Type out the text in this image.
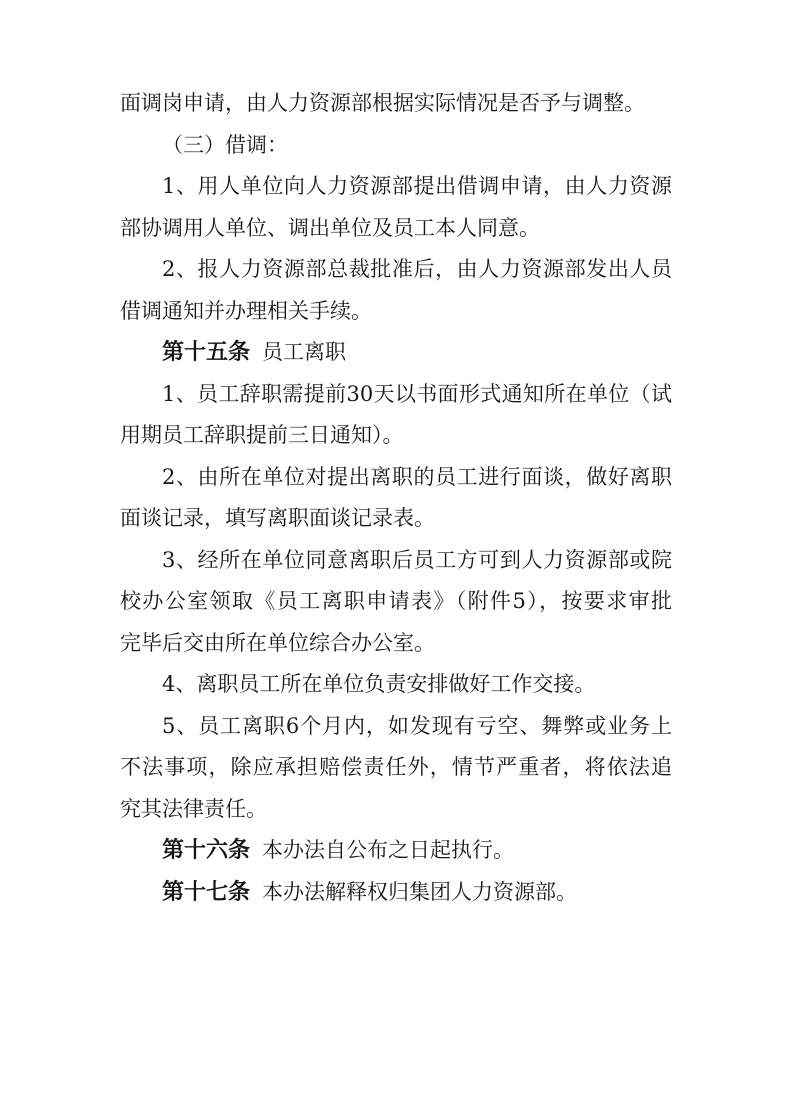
面调岗申请，由人力资源部根据实际情况是否予与调整。

（三）借调：

1、用人单位向人力资源部提出借调申请，由人力资源
部协调用人单位、调出单位及员工本人同意。

2、报人力资源部总裁批准后，由人力资源部发出人员
借调通知并办理相关手续。

第十五条 员工离职

1、员工辞职需提前30天以书面形式通知所在单位（试
用期员工辞职提前三日通知）。

2、由所在单位对提出离职的员工进行面谈，做好离职
面谈记录，填写离职面谈记录表。

3、经所在单位同意离职后员工方可到人力资源部或院
校办公室领取《员工离职申请表》（附件5），按要求审批
完毕后交由所在单位综合办公室。

4、离职员工所在单位负责安排做好工作交接。

5、员工离职6个月内，如发现有亏空、舞弊或业务上
不法事项，除应承担赔偿责任外，情节严重者，将依法追
究其法律责任。

第十六条 本办法自公布之日起执行。

第十七条 本办法解释权归集团人力资源部。
